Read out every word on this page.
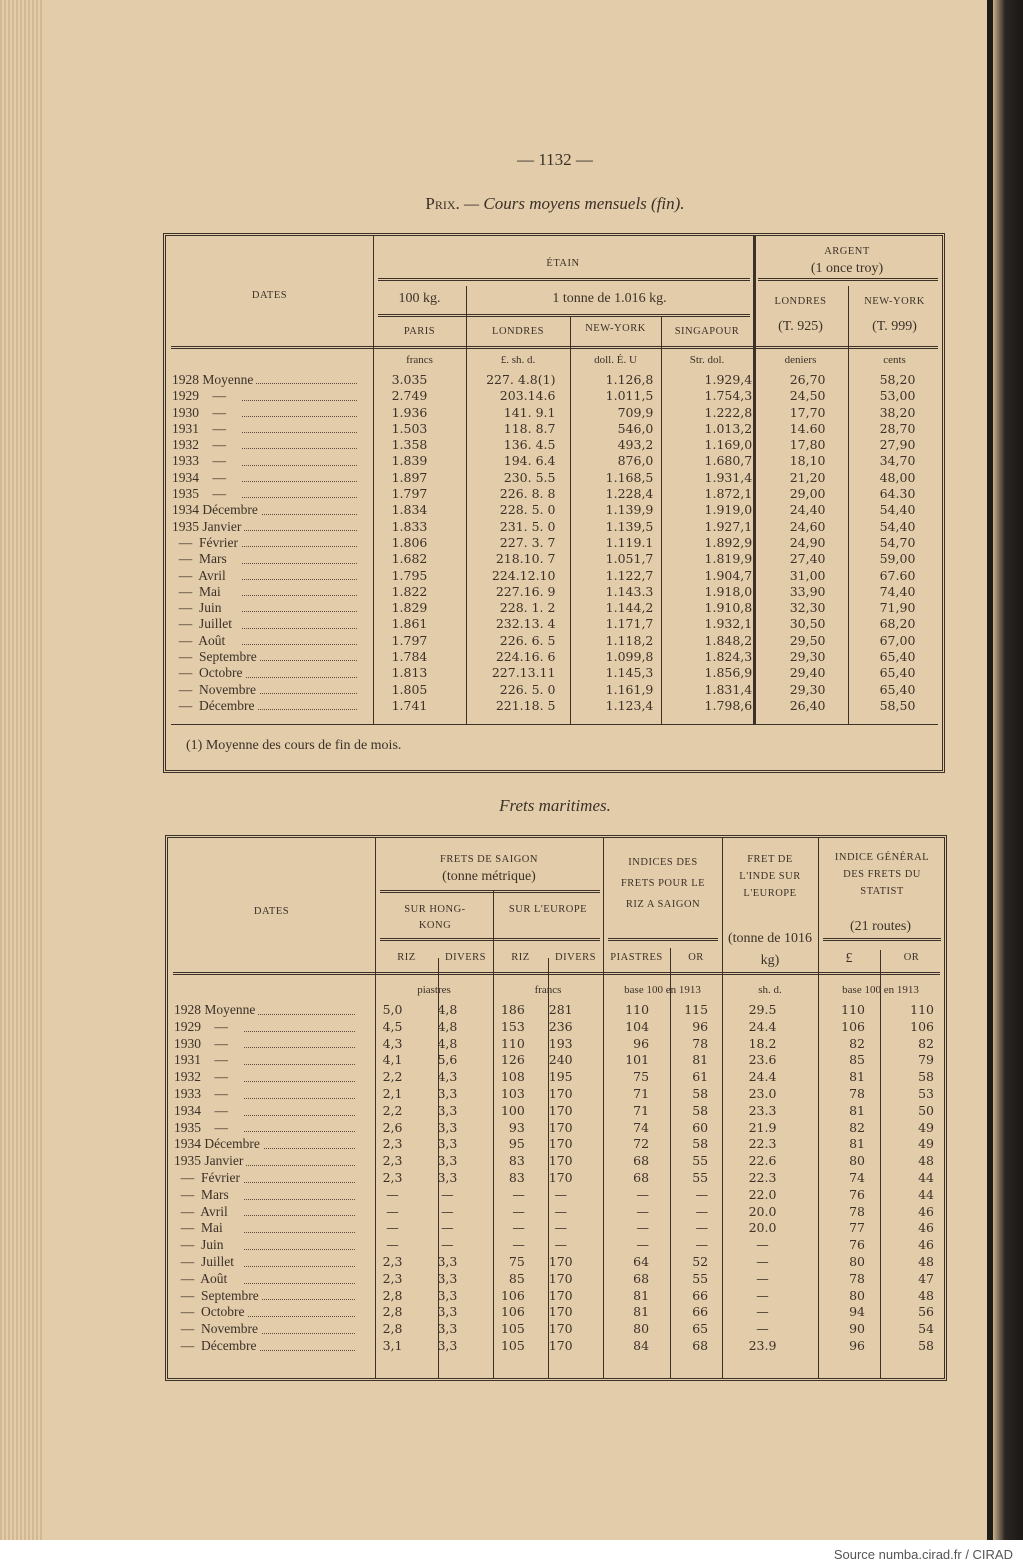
— 1132 —
Prix. — Cours moyens mensuels (fin).
DATES
ÉTAIN
ARGENT
(1 once troy)
100 kg.	1 tonne de 1.016 kg.
PARIS	LONDRES	NEW-YORK	SINGAPOUR
LONDRES
(T. 925)
NEW-YORK
(T. 999)
francs	£. sh. d.	doll. É. U	Str. dol.	deniers	cents
1928 Moyenne	3.035	227. 4.8(1)	1.126,8	1.929,4	26,70	58,20
1929    —	2.749	203.14.6	1.011,5	1.754,3	24,50	53,00
1930    —	1.936	141. 9.1	709,9	1.222,8	17,70	38,20
1931    —	1.503	118. 8.7	546,0	1.013,2	14.60	28,70
1932    —	1.358	136. 4.5	493,2	1.169,0	17,80	27,90
1933    —	1.839	194. 6.4	876,0	1.680,7	18,10	34,70
1934    —	1.897	230. 5.5	1.168,5	1.931,4	21,20	48,00
1935    —	1.797	226. 8. 8	1.228,4	1.872,1	29,00	64.30
1934 Décembre	1.834	228. 5. 0	1.139,9	1.919,0	24,40	54,40
1935 Janvier	1.833	231. 5. 0	1.139,5	1.927,1	24,60	54,40
—  Février	1.806	227. 3. 7	1.119.1	1.892,9	24,90	54,70
—  Mars	1.682	218.10. 7	1.051,7	1.819,9	27,40	59,00
—  Avril	1.795	224.12.10	1.122,7	1.904,7	31,00	67.60
—  Mai	1.822	227.16. 9	1.143.3	1.918,0	33,90	74,40
—  Juin	1.829	228. 1. 2	1.144,2	1.910,8	32,30	71,90
—  Juillet	1.861	232.13. 4	1.171,7	1.932,1	30,50	68,20
—  Août	1.797	226. 6. 5	1.118,2	1.848,2	29,50	67,00
—  Septembre	1.784	224.16. 6	1.099,8	1.824,3	29,30	65,40
—  Octobre	1.813	227.13.11	1.145,3	1.856,9	29,40	65,40
—  Novembre	1.805	226. 5. 0	1.161,9	1.831,4	29,30	65,40
—  Décembre	1.741	221.18. 5	1.123,4	1.798,6	26,40	58,50
(1) Moyenne des cours de fin de mois.
Frets maritimes.
DATES
FRETS DE SAIGON
(tonne métrique)
SUR HONG-KONG
SUR L'EUROPE
RIZ	DIVERS	RIZ	DIVERS
INDICES DES FRETS POUR LE RIZ A SAIGON
PIASTRES	OR
FRET DE L'INDE SUR L'EUROPE
(tonne de 1016 kg)
INDICE GÉNÉRAL DES FRETS DU STATIST
(21 routes)
£	OR
piastres	francs	base 100 en 1913	sh. d.	base 100 en 1913
1928 Moyenne	5,0	4,8	186	281	110	115	29.5	110	110
1929    —	4,5	4,8	153	236	104	96	24.4	106	106
1930    —	4,3	4,8	110	193	96	78	18.2	82	82
1931    —	4,1	5,6	126	240	101	81	23.6	85	79
1932    —	2,2	4,3	108	195	75	61	24.4	81	58
1933    —	2,1	3,3	103	170	71	58	23.0	78	53
1934    —	2,2	3,3	100	170	71	58	23.3	81	50
1935    —	2,6	3,3	93	170	74	60	21.9	82	49
1934 Décembre	2,3	3,3	95	170	72	58	22.3	81	49
1935 Janvier	2,3	3,3	83	170	68	55	22.6	80	48
—  Février	2,3	3,3	83	170	68	55	22.3	74	44
—  Mars	—	—	—	—	—	—	22.0	76	44
—  Avril	—	—	—	—	—	—	20.0	78	46
—  Mai	—	—	—	—	—	—	20.0	77	46
—  Juin	—	—	—	—	—	—	—	76	46
—  Juillet	2,3	3,3	75	170	64	52	—	80	48
—  Août	2,3	3,3	85	170	68	55	—	78	47
—  Septembre	2,8	3,3	106	170	81	66	—	80	48
—  Octobre	2,8	3,3	106	170	81	66	—	94	56
—  Novembre	2,8	3,3	105	170	80	65	—	90	54
—  Décembre	3,1	3,3	105	170	84	68	23.9	96	58
Source numba.cirad.fr / CIRAD
